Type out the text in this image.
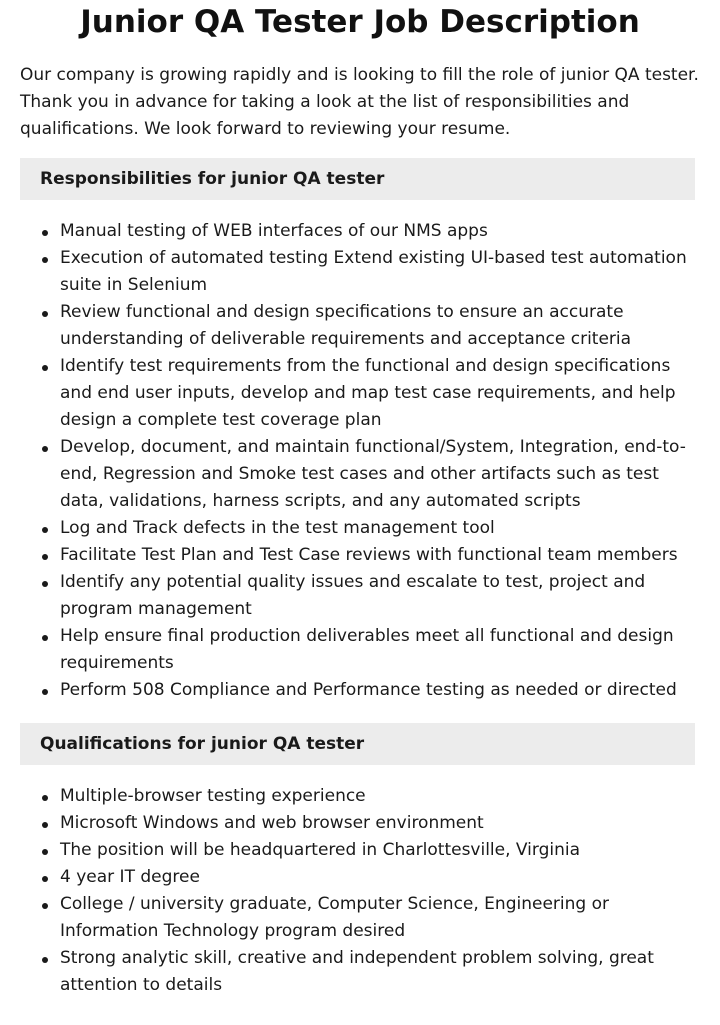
Junior QA Tester Job Description

Our company is growing rapidly and is looking to fill the role of junior QA tester. Thank you in advance for taking a look at the list of responsibilities and qualifications. We look forward to reviewing your resume.

Responsibilities for junior QA tester
Manual testing of WEB interfaces of our NMS apps
Execution of automated testing Extend existing UI-based test automation suite in Selenium
Review functional and design specifications to ensure an accurate understanding of deliverable requirements and acceptance criteria
Identify test requirements from the functional and design specifications and end user inputs, develop and map test case requirements, and help design a complete test coverage plan
Develop, document, and maintain functional/System, Integration, end-to-end, Regression and Smoke test cases and other artifacts such as test data, validations, harness scripts, and any automated scripts
Log and Track defects in the test management tool
Facilitate Test Plan and Test Case reviews with functional team members
Identify any potential quality issues and escalate to test, project and program management
Help ensure final production deliverables meet all functional and design requirements
Perform 508 Compliance and Performance testing as needed or directed
Qualifications for junior QA tester
Multiple-browser testing experience
Microsoft Windows and web browser environment
The position will be headquartered in Charlottesville, Virginia
4 year IT degree
College / university graduate, Computer Science, Engineering or Information Technology program desired
Strong analytic skill, creative and independent problem solving, great attention to details
